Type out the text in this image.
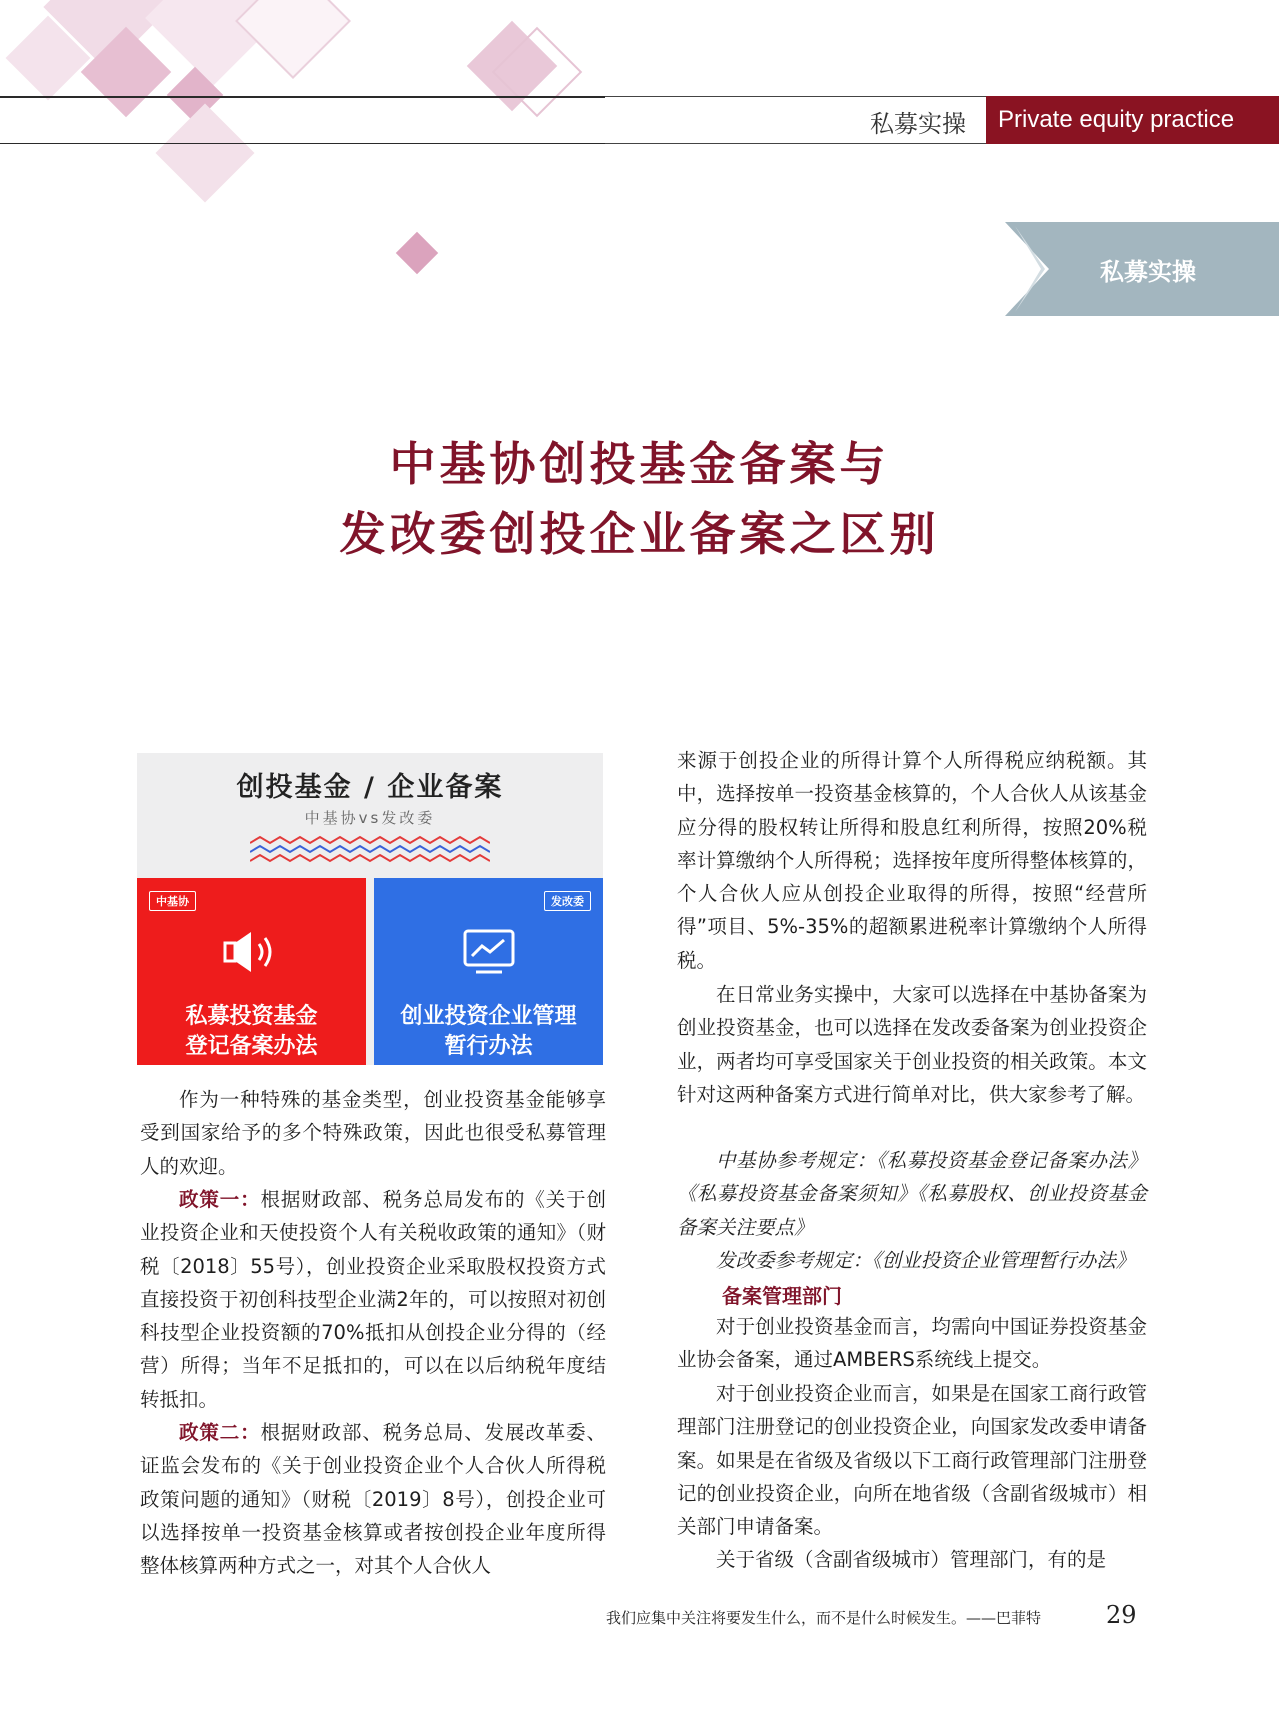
私募实操	Private equity practice
私募实操
中基协创投基金备案与
发改委创投企业备案之区别
创投基金 / 企业备案
中基协vs发改委
中基协
私募投资基金
登记备案办法
发改委
创业投资企业管理
暂行办法

作为一种特殊的基金类型，创业投资基金能够享受到国家给予的多个特殊政策，因此也很受私募管理人的欢迎。

政策一：根据财政部、税务总局发布的《关于创业投资企业和天使投资个人有关税收政策的通知》（财税〔2018〕55号），创业投资企业采取股权投资方式直接投资于初创科技型企业满2年的，可以按照对初创科技型企业投资额的70%抵扣从创投企业分得的（经营）所得；当年不足抵扣的，可以在以后纳税年度结转抵扣。

政策二：根据财政部、税务总局、发展改革委、证监会发布的《关于创业投资企业个人合伙人所得税政策问题的通知》（财税〔2019〕8号），创投企业可以选择按单一投资基金核算或者按创投企业年度所得整体核算两种方式之一，对其个人合伙人

来源于创投企业的所得计算个人所得税应纳税额。其中，选择按单一投资基金核算的，个人合伙人从该基金应分得的股权转让所得和股息红利所得，按照20%税率计算缴纳个人所得税；选择按年度所得整体核算的，个人合伙人应从创投企业取得的所得，按照“经营所得”项目、5%-35%的超额累进税率计算缴纳个人所得税。

在日常业务实操中，大家可以选择在中基协备案为创业投资基金，也可以选择在发改委备案为创业投资企业，两者均可享受国家关于创业投资的相关政策。本文针对这两种备案方式进行简单对比，供大家参考了解。

中基协参考规定：《私募投资基金登记备案办法》《私募投资基金备案须知》《私募股权、创业投资基金备案关注要点》

发改委参考规定：《创业投资企业管理暂行办法》

备案管理部门

对于创业投资基金而言，均需向中国证券投资基金业协会备案，通过AMBERS系统线上提交。

对于创业投资企业而言，如果是在国家工商行政管理部门注册登记的创业投资企业，向国家发改委申请备案。如果是在省级及省级以下工商行政管理部门注册登记的创业投资企业，向所在地省级（含副省级城市）相关部门申请备案。

关于省级（含副省级城市）管理部门，有的是

我们应集中关注将要发生什么，而不是什么时候发生。——巴菲特	29
